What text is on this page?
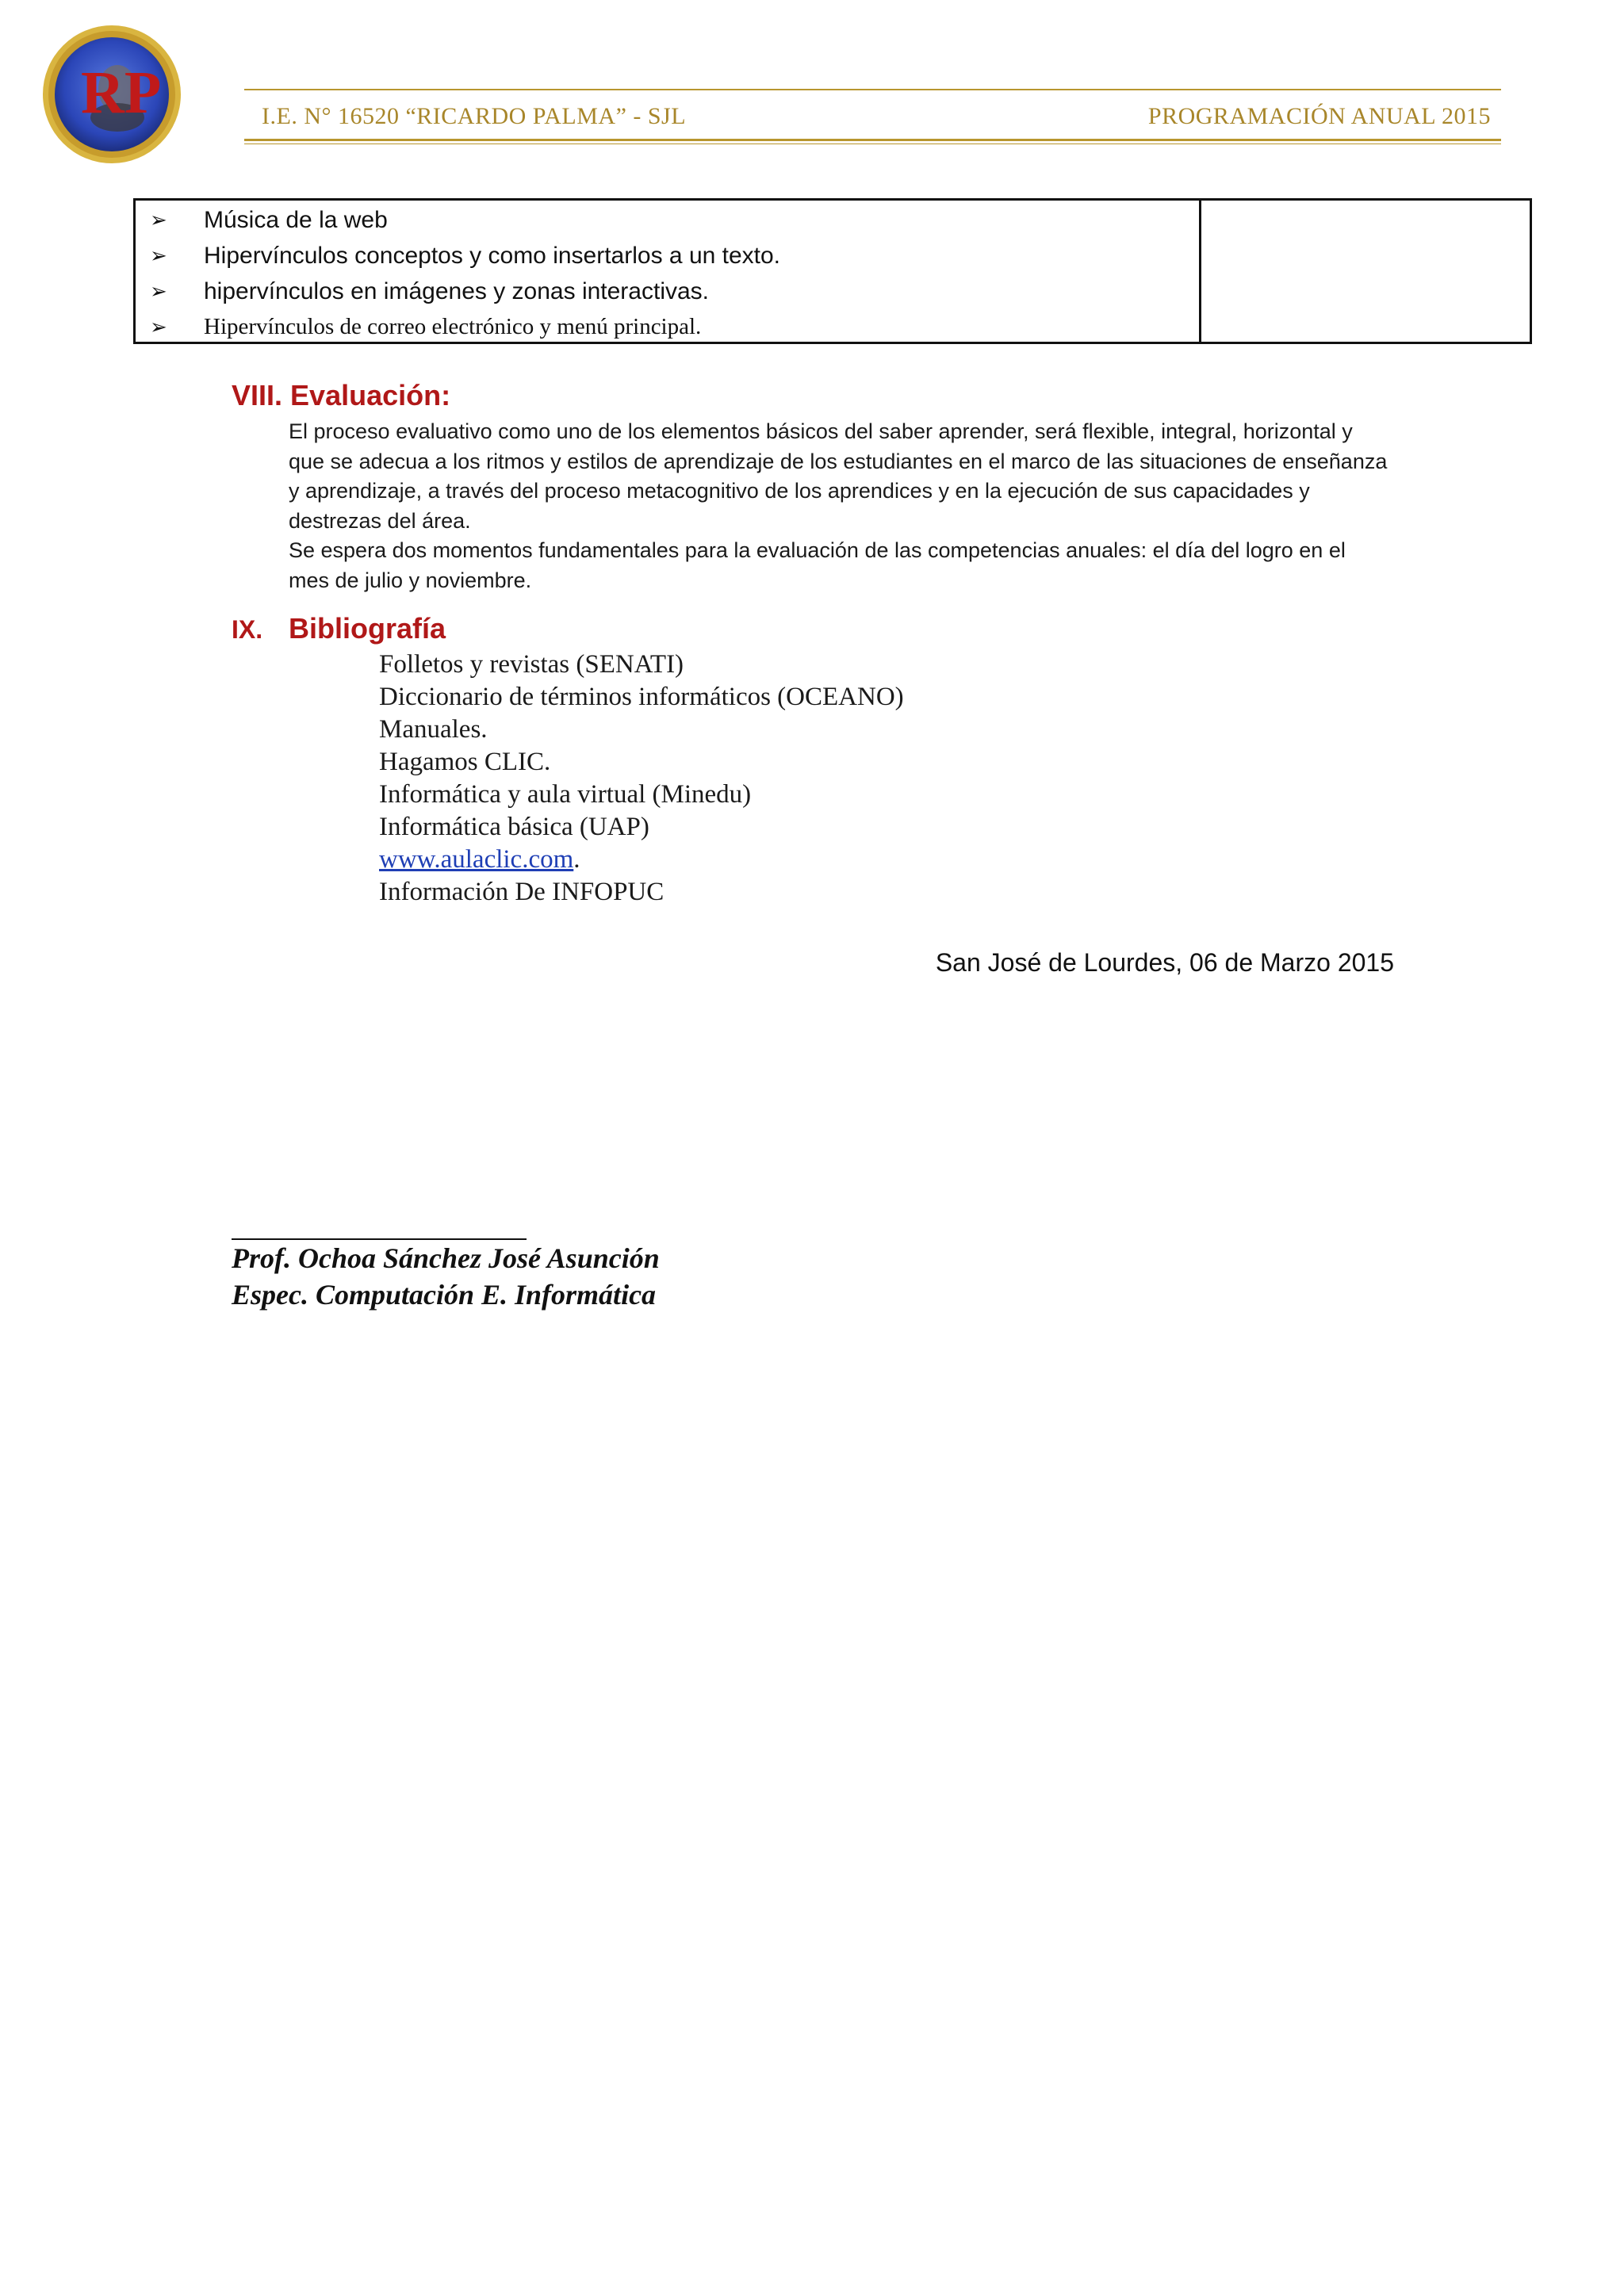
RP	I.E. N° 16520 “RICARDO PALMA” - SJL	PROGRAMACIÓN ANUAL 2015
➢	Música de la web
➢	Hipervínculos conceptos y como insertarlos a un texto.
➢	hipervínculos en imágenes y zonas interactivas.
➢	Hipervínculos de correo electrónico y menú principal.
VIII. Evaluación:

El proceso evaluativo como uno de los elementos básicos del saber aprender, será flexible, integral, horizontal y que se adecua a los ritmos y estilos de aprendizaje de los estudiantes en el marco de las situaciones de enseñanza y aprendizaje, a través del proceso metacognitivo de los aprendices y en la ejecución de sus capacidades y destrezas del área.

Se espera dos momentos fundamentales para la evaluación de las competencias anuales: el día del logro en el mes de julio y noviembre.

IX. Bibliografía
Folletos y revistas (SENATI)
Diccionario de términos informáticos (OCEANO)
Manuales.
Hagamos CLIC.
Informática y aula virtual (Minedu)
Informática básica (UAP)
www.aulaclic.com.
Información De INFOPUC
San José de Lourdes, 06 de Marzo 2015
Prof. Ochoa Sánchez José Asunción
Espec. Computación E. Informática
